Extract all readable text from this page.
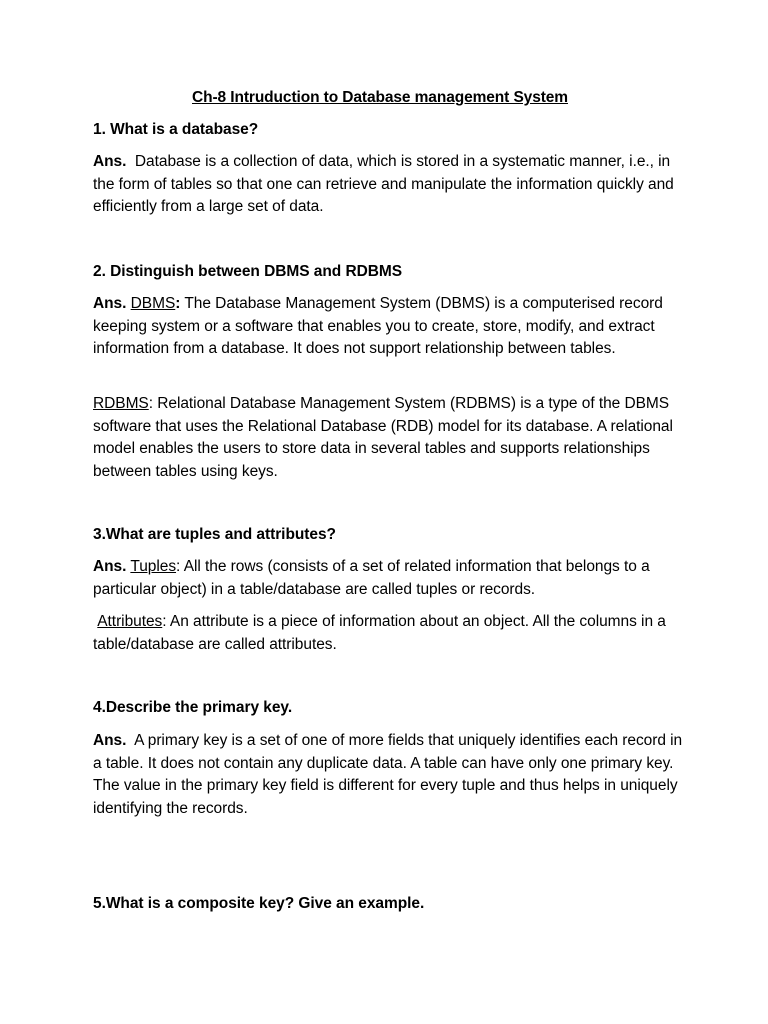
Ch-8 Intruduction to Database management System
1. What is a database?
Ans. Database is a collection of data, which is stored in a systematic manner, i.e., in the form of tables so that one can retrieve and manipulate the information quickly and efficiently from a large set of data.
2. Distinguish between DBMS and RDBMS
Ans. DBMS: The Database Management System (DBMS) is a computerised record keeping system or a software that enables you to create, store, modify, and extract information from a database. It does not support relationship between tables.
RDBMS: Relational Database Management System (RDBMS) is a type of the DBMS software that uses the Relational Database (RDB) model for its database. A relational model enables the users to store data in several tables and supports relationships between tables using keys.
3.What are tuples and attributes?
Ans. Tuples: All the rows (consists of a set of related information that belongs to a particular object) in a table/database are called tuples or records.
Attributes: An attribute is a piece of information about an object. All the columns in a table/database are called attributes.
4.Describe the primary key.
Ans. A primary key is a set of one of more fields that uniquely identifies each record in a table. It does not contain any duplicate data. A table can have only one primary key. The value in the primary key field is different for every tuple and thus helps in uniquely identifying the records.
5.What is a composite key? Give an example.
